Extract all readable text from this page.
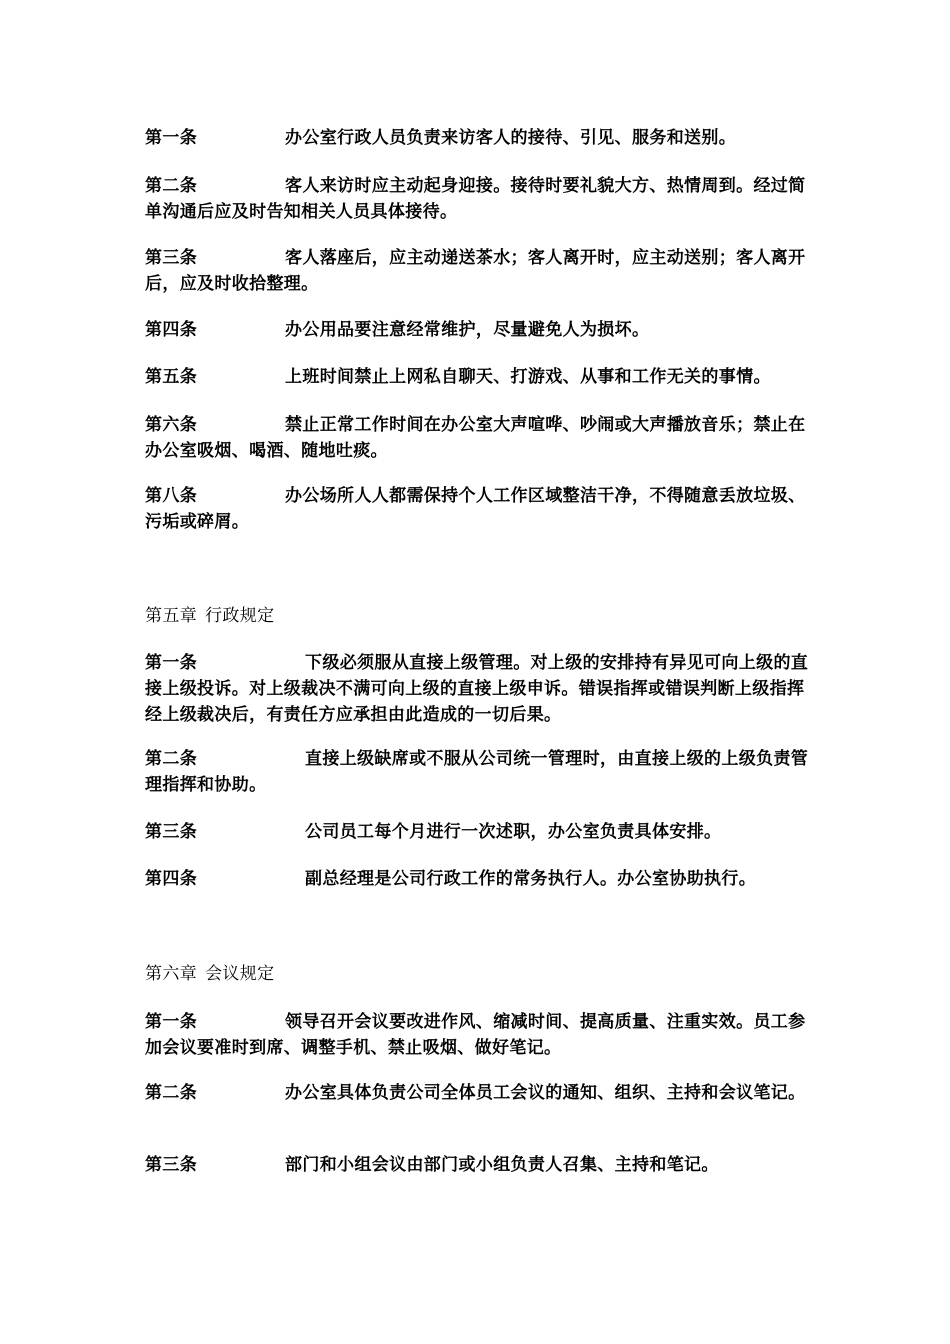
第一条	办公室行政人员负责来访客人的接待、引见、服务和送别。
第二条	客人来访时应主动起身迎接。接待时要礼貌大方、热情周到。经过简单沟通后应及时告知相关人员具体接待。
第三条	客人落座后，应主动递送茶水；客人离开时，应主动送别；客人离开后，应及时收拾整理。
第四条	办公用品要注意经常维护，尽量避免人为损坏。
第五条	上班时间禁止上网私自聊天、打游戏、从事和工作无关的事情。
第六条	禁止正常工作时间在办公室大声喧哗、吵闹或大声播放音乐；禁止在办公室吸烟、喝酒、随地吐痰。
第八条	办公场所人人都需保持个人工作区域整洁干净，不得随意丢放垃圾、污垢或碎屑。
第五章 行政规定
第一条	下级必须服从直接上级管理。对上级的安排持有异见可向上级的直接上级投诉。对上级裁决不满可向上级的直接上级申诉。错误指挥或错误判断上级指挥经上级裁决后，有责任方应承担由此造成的一切后果。
第二条	直接上级缺席或不服从公司统一管理时，由直接上级的上级负责管理指挥和协助。
第三条	公司员工每个月进行一次述职，办公室负责具体安排。
第四条	副总经理是公司行政工作的常务执行人。办公室协助执行。
第六章 会议规定
第一条	领导召开会议要改进作风、缩减时间、提高质量、注重实效。员工参加会议要准时到席、调整手机、禁止吸烟、做好笔记。
第二条	办公室具体负责公司全体员工会议的通知、组织、主持和会议笔记。
第三条	部门和小组会议由部门或小组负责人召集、主持和笔记。
